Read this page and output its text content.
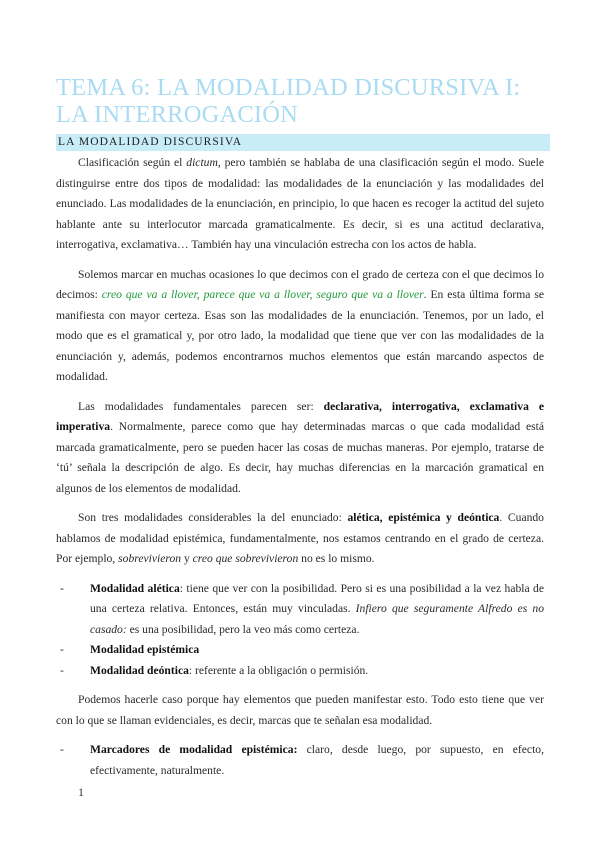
TEMA 6: LA MODALIDAD DISCURSIVA I: LA INTERROGACIÓN
LA MODALIDAD DISCURSIVA

Clasificación según el dictum, pero también se hablaba de una clasificación según el modo. Suele distinguirse entre dos tipos de modalidad: las modalidades de la enunciación y las modalidades del enunciado. Las modalidades de la enunciación, en principio, lo que hacen es recoger la actitud del sujeto hablante ante su interlocutor marcada gramaticalmente. Es decir, si es una actitud declarativa, interrogativa, exclamativa… También hay una vinculación estrecha con los actos de habla.

Solemos marcar en muchas ocasiones lo que decimos con el grado de certeza con el que decimos lo decimos: creo que va a llover, parece que va a llover, seguro que va a llover. En esta última forma se manifiesta con mayor certeza. Esas son las modalidades de la enunciación. Tenemos, por un lado, el modo que es el gramatical y, por otro lado, la modalidad que tiene que ver con las modalidades de la enunciación y, además, podemos encontrarnos muchos elementos que están marcando aspectos de modalidad.

Las modalidades fundamentales parecen ser: declarativa, interrogativa, exclamativa e imperativa. Normalmente, parece como que hay determinadas marcas o que cada modalidad está marcada gramaticalmente, pero se pueden hacer las cosas de muchas maneras. Por ejemplo, tratarse de ‘tú’ señala la descripción de algo. Es decir, hay muchas diferencias en la marcación gramatical en algunos de los elementos de modalidad.

Son tres modalidades considerables la del enunciado: alética, epistémica y deóntica. Cuando hablamos de modalidad epistémica, fundamentalmente, nos estamos centrando en el grado de certeza. Por ejemplo, sobrevivieron y creo que sobrevivieron no es lo mismo.

- Modalidad alética: tiene que ver con la posibilidad. Pero si es una posibilidad a la vez habla de una certeza relativa. Entonces, están muy vinculadas. Infiero que seguramente Alfredo es no casado: es una posibilidad, pero la veo más como certeza.
- Modalidad epistémica
- Modalidad deóntica: referente a la obligación o permisión.

Podemos hacerle caso porque hay elementos que pueden manifestar esto. Todo esto tiene que ver con lo que se llaman evidenciales, es decir, marcas que te señalan esa modalidad.

- Marcadores de modalidad epistémica: claro, desde luego, por supuesto, en efecto, efectivamente, naturalmente.
1
